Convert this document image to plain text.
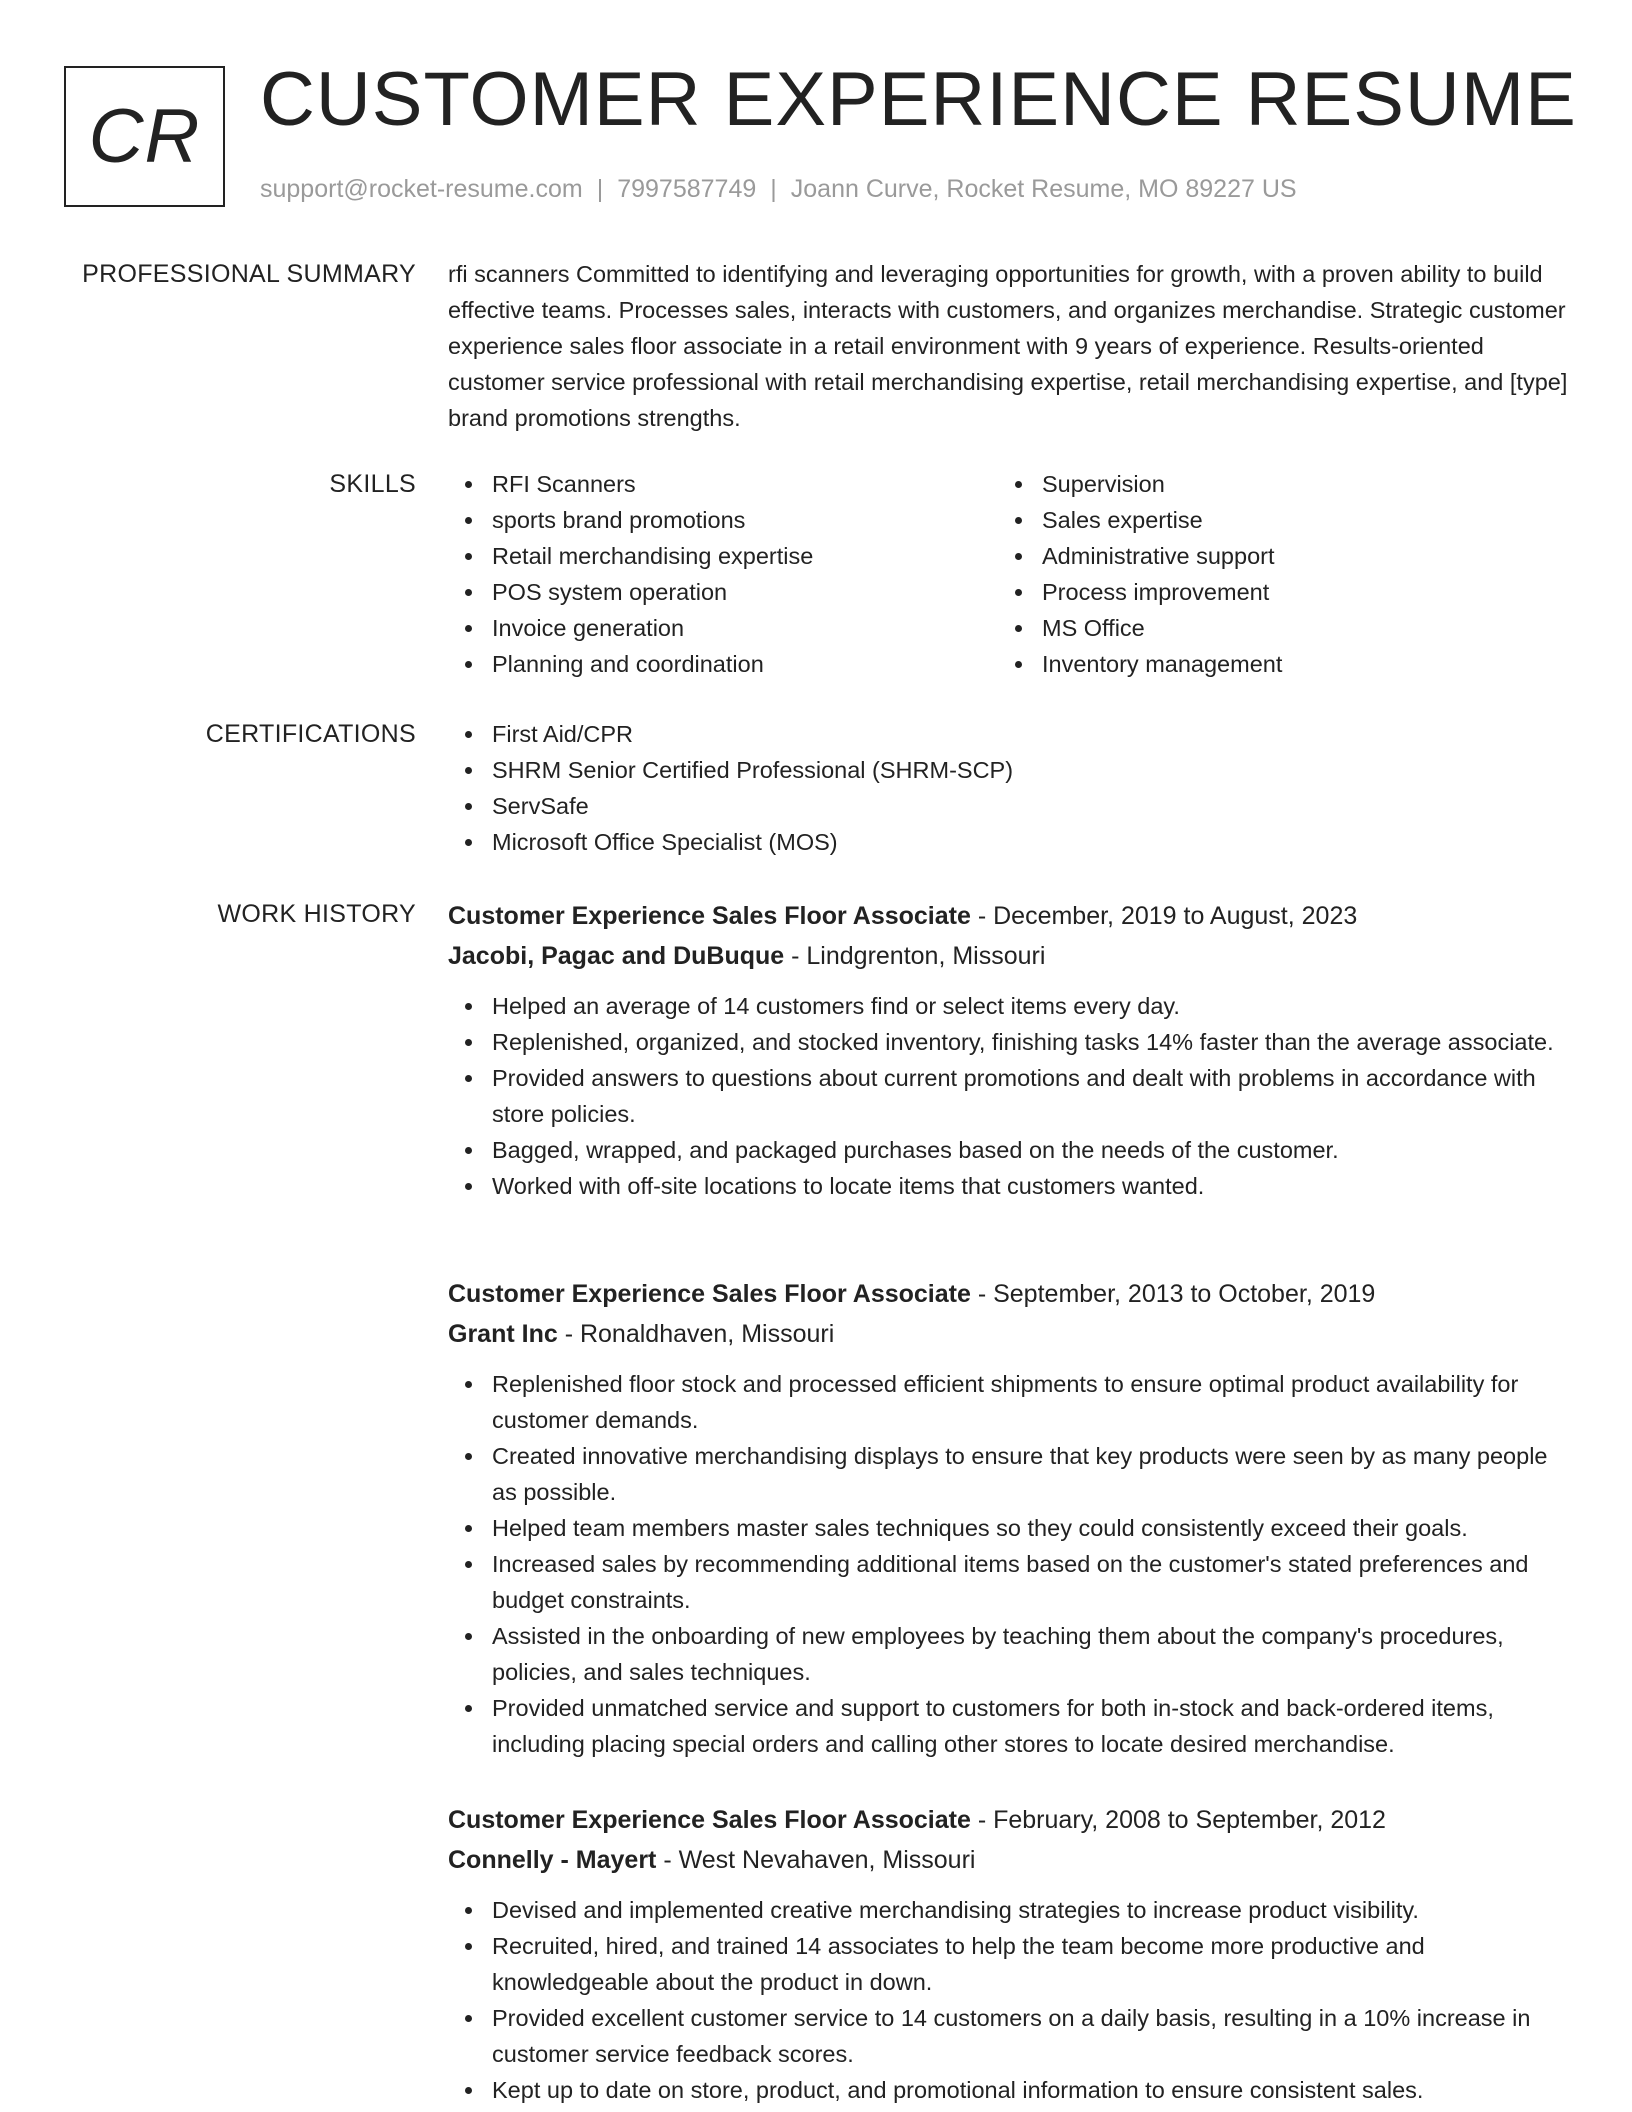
CR CUSTOMER EXPERIENCE RESUME
support@rocket-resume.com | 7997587749 | Joann Curve, Rocket Resume, MO 89227 US
PROFESSIONAL SUMMARY rfi scanners Committed to identifying and leveraging opportunities for growth, with a proven ability to build effective teams. Processes sales, interacts with customers, and organizes merchandise. Strategic customer experience sales floor associate in a retail environment with 9 years of experience. Results-oriented customer service professional with retail merchandising expertise, retail merchandising expertise, and [type] brand promotions strengths.

SKILLS	RFI Scanners
sports brand promotions
Retail merchandising expertise
POS system operation
Invoice generation
Planning and coordination
Supervision
Sales expertise
Administrative support
Process improvement
MS Office
Inventory management
CERTIFICATIONS	First Aid/CPR
SHRM Senior Certified Professional (SHRM-SCP)
ServSafe
Microsoft Office Specialist (MOS)
WORK HISTORY Customer Experience Sales Floor Associate - December, 2019 to August, 2023
Jacobi, Pagac and DuBuque - Lindgrenton, Missouri
Helped an average of 14 customers find or select items every day.
Replenished, organized, and stocked inventory, finishing tasks 14% faster than the average associate.
Provided answers to questions about current promotions and dealt with problems in accordance with store policies.
Bagged, wrapped, and packaged purchases based on the needs of the customer.
Worked with off-site locations to locate items that customers wanted.
Customer Experience Sales Floor Associate - September, 2013 to October, 2019
Grant Inc - Ronaldhaven, Missouri
Replenished floor stock and processed efficient shipments to ensure optimal product availability for customer demands.
Created innovative merchandising displays to ensure that key products were seen by as many people as possible.
Helped team members master sales techniques so they could consistently exceed their goals.
Increased sales by recommending additional items based on the customer's stated preferences and budget constraints.
Assisted in the onboarding of new employees by teaching them about the company's procedures, policies, and sales techniques.
Provided unmatched service and support to customers for both in-stock and back-ordered items, including placing special orders and calling other stores to locate desired merchandise.
Customer Experience Sales Floor Associate - February, 2008 to September, 2012
Connelly - Mayert - West Nevahaven, Missouri
Devised and implemented creative merchandising strategies to increase product visibility.
Recruited, hired, and trained 14 associates to help the team become more productive and knowledgeable about the product in down.
Provided excellent customer service to 14 customers on a daily basis, resulting in a 10% increase in customer service feedback scores.
Kept up to date on store, product, and promotional information to ensure consistent sales.
